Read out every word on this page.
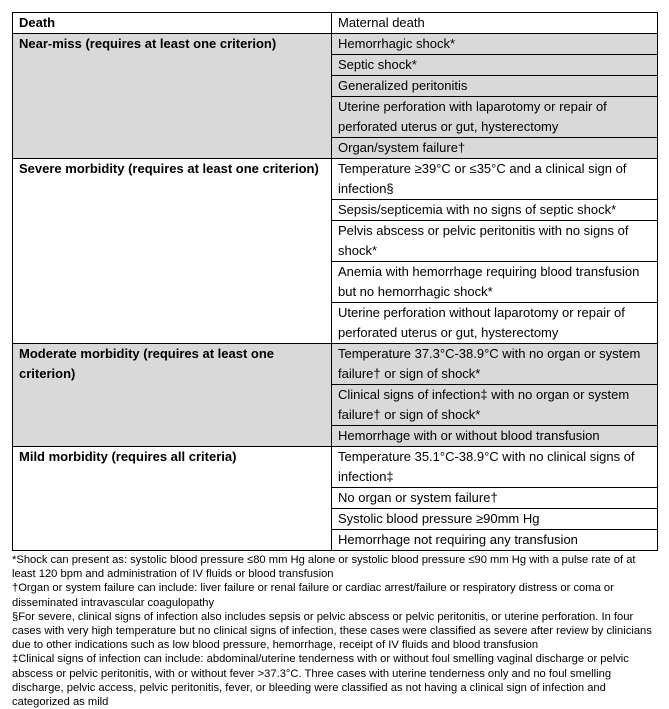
Death	Maternal death
Near-miss (requires at least one criterion)	Hemorrhagic shock*
	Septic shock*
	Generalized peritonitis
	Uterine perforation with laparotomy or repair of perforated uterus or gut, hysterectomy
	Organ/system failure†
Severe morbidity (requires at least one criterion)	Temperature ≥39°C or ≤35°C and a clinical sign of infection§
	Sepsis/septicemia with no signs of septic shock*
	Pelvis abscess or pelvic peritonitis with no signs of shock*
	Anemia with hemorrhage requiring blood transfusion but no hemorrhagic shock*
	Uterine perforation without laparotomy or repair of perforated uterus or gut, hysterectomy
Moderate morbidity (requires at least one criterion)	Temperature 37.3°C-38.9°C with no organ or system failure† or sign of shock*
	Clinical signs of infection‡ with no organ or system failure† or sign of shock*
	Hemorrhage with or without blood transfusion
Mild morbidity (requires all criteria)	Temperature 35.1°C-38.9°C with no clinical signs of infection‡
	No organ or system failure†
	Systolic blood pressure ≥90mm Hg
	Hemorrhage not requiring any transfusion

*Shock can present as: systolic blood pressure ≤80 mm Hg alone or systolic blood pressure ≤90 mm Hg with a pulse rate of at least 120 bpm and administration of IV fluids or blood transfusion

†Organ or system failure can include: liver failure or renal failure or cardiac arrest/failure or respiratory distress or coma or disseminated intravascular coagulopathy

§For severe, clinical signs of infection also includes sepsis or pelvic abscess or pelvic peritonitis, or uterine perforation. In four cases with very high temperature but no clinical signs of infection, these cases were classified as severe after review by clinicians due to other indications such as low blood pressure, hemorrhage, receipt of IV fluids and blood transfusion

‡Clinical signs of infection can include: abdominal/uterine tenderness with or without foul smelling vaginal discharge or pelvic abscess or pelvic peritonitis, with or without fever >37.3°C. Three cases with uterine tenderness only and no foul smelling discharge, pelvic access, pelvic peritonitis, fever, or bleeding were classified as not having a clinical sign of infection and categorized as mild
